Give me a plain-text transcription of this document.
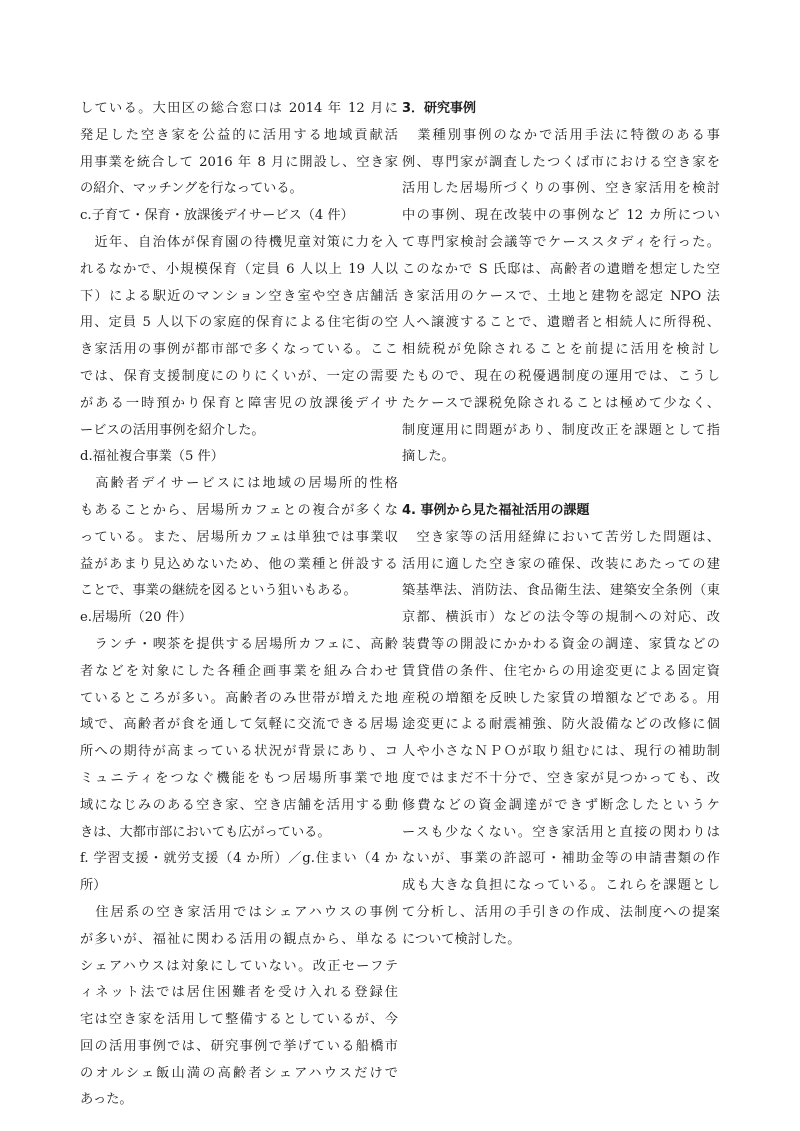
している。大田区の総合窓口は 2014 年 12 月に
発足した空き家を公益的に活用する地域貢献活
用事業を統合して 2016 年 8 月に開設し、空き家
の紹介、マッチングを行なっている。
c.子育て・保育・放課後デイサービス（4 件）
　近年、自治体が保育園の待機児童対策に力を入
れるなかで、小規模保育（定員 6 人以上 19 人以
下）による駅近のマンション空き室や空き店舗活
用、定員 5 人以下の家庭的保育による住宅街の空
き家活用の事例が都市部で多くなっている。ここ
では、保育支援制度にのりにくいが、一定の需要
がある一時預かり保育と障害児の放課後デイサ
ービスの活用事例を紹介した。
d.福祉複合事業（5 件）
　高齢者デイサービスには地域の居場所的性格
もあることから、居場所カフェとの複合が多くな
っている。また、居場所カフェは単独では事業収
益があまり見込めないため、他の業種と併設する
ことで、事業の継続を図るという狙いもある。
e.居場所（20 件）
　ランチ・喫茶を提供する居場所カフェに、高齢
者などを対象にした各種企画事業を組み合わせ
ているところが多い。高齢者のみ世帯が増えた地
域で、高齢者が食を通して気軽に交流できる居場
所への期待が高まっている状況が背景にあり、コ
ミュニティをつなぐ機能をもつ居場所事業で地
域になじみのある空き家、空き店舗を活用する動
きは、大都市部においても広がっている。
f. 学習支援・就労支援（4 か所）／g.住まい（4 か
所）
　住居系の空き家活用ではシェアハウスの事例
が多いが、福祉に関わる活用の観点から、単なる
シェアハウスは対象にしていない。改正セーフテ
ィネット法では居住困難者を受け入れる登録住
宅は空き家を活用して整備するとしているが、今
回の活用事例では、研究事例で挙げている船橋市
のオルシェ飯山満の高齢者シェアハウスだけで
あった。
3．研究事例
　業種別事例のなかで活用手法に特徴のある事
例、専門家が調査したつくば市における空き家を
活用した居場所づくりの事例、空き家活用を検討
中の事例、現在改装中の事例など 12 カ所につい
て専門家検討会議等でケーススタディを行った。
このなかで S 氏邸は、高齢者の遺贈を想定した空
き家活用のケースで、土地と建物を認定 NPO 法
人へ譲渡することで、遺贈者と相続人に所得税、
相続税が免除されることを前提に活用を検討し
たもので、現在の税優遇制度の運用では、こうし
たケースで課税免除されることは極めて少なく、
制度運用に問題があり、制度改正を課題として指
摘した。
4. 事例から見た福祉活用の課題
　空き家等の活用経緯において苦労した問題は、
活用に適した空き家の確保、改装にあたっての建
築基準法、消防法、食品衛生法、建築安全条例（東
京都、横浜市）などの法令等の規制への対応、改
装費等の開設にかかわる資金の調達、家賃などの
賃貸借の条件、住宅からの用途変更による固定資
産税の増額を反映した家賃の増額などである。用
途変更による耐震補強、防火設備などの改修に個
人や小さなＮＰＯが取り組むには、現行の補助制
度ではまだ不十分で、空き家が見つかっても、改
修費などの資金調達ができず断念したというケ
ースも少なくない。空き家活用と直接の関わりは
ないが、事業の許認可・補助金等の申請書類の作
成も大きな負担になっている。これらを課題とし
て分析し、活用の手引きの作成、法制度への提案
について検討した。
